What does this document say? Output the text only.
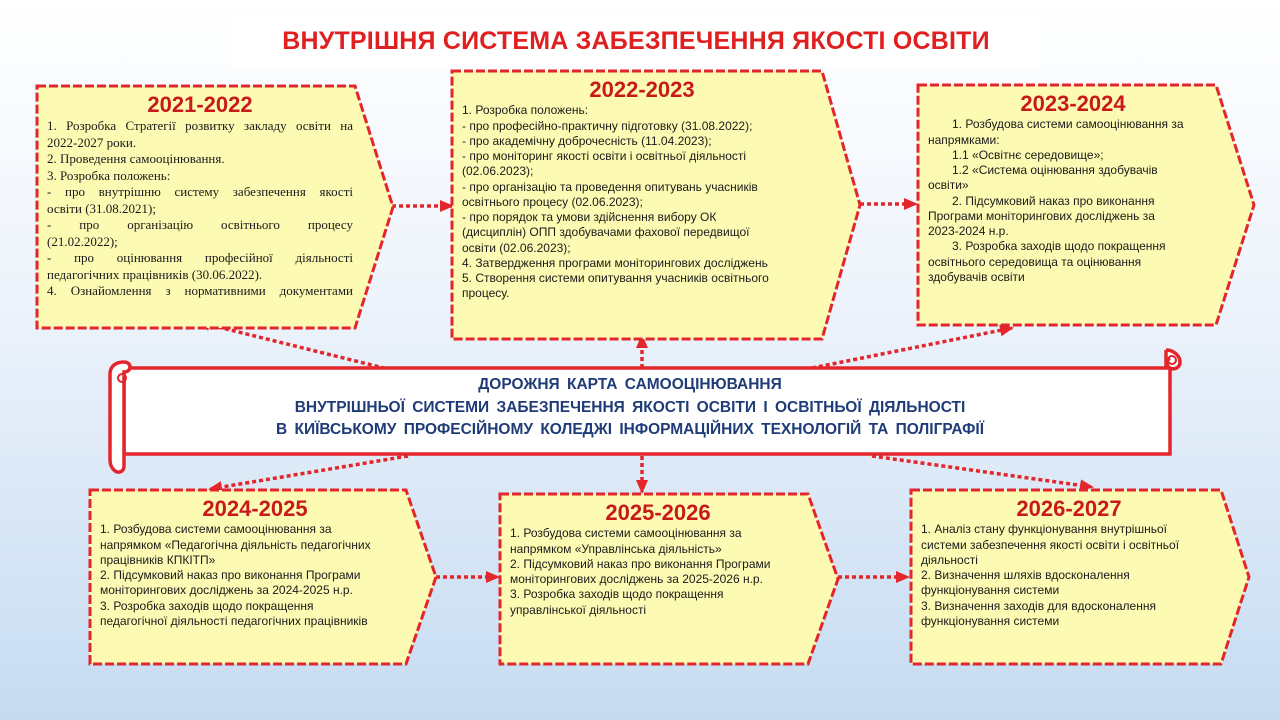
ВНУТРІШНЯ СИСТЕМА ЗАБЕЗПЕЧЕННЯ ЯКОСТІ ОСВІТИ
2021-2022
1. Розробка Стратегії розвитку закладу освіти на
2022-2027 роки.
2. Проведення самооцінювання.
3. Розробка положень:
- про внутрішню систему забезпечення якості
освіти (31.08.2021);
- про організацію освітнього процесу
(21.02.2022);
- про оцінювання професійної діяльності
педагогічних працівників (30.06.2022).
4. Ознайомлення з нормативними документами
2022-2023
1. Розробка положень:
- про професійно-практичну підготовку (31.08.2022);
- про академічну доброчесність (11.04.2023);
- про моніторинг якості освіти і освітньої діяльності
(02.06.2023);
- про організацію та проведення опитувань учасників
освітнього процесу (02.06.2023);
- про порядок та умови здійснення вибору ОК
(дисциплін) ОПП здобувачами фахової передвищої
освіти (02.06.2023);
4. Затвердження програми моніторингових досліджень
5. Створення системи опитування учасників освітнього
процесу.
2023-2024
1. Розбудова системи самооцінювання за
напрямками:
1.1 «Освітнє середовище»;
1.2 «Система оцінювання здобувачів
освіти»
2. Підсумковий наказ про виконання
Програми моніторингових досліджень за
2023-2024 н.р.
3. Розробка заходів щодо покращення
освітнього середовища та оцінювання
здобувачів освіти
ДОРОЖНЯ КАРТА САМООЦІНЮВАННЯ
ВНУТРІШНЬОЇ СИСТЕМИ ЗАБЕЗПЕЧЕННЯ ЯКОСТІ ОСВІТИ І ОСВІТНЬОЇ ДІЯЛЬНОСТІ
В КИЇВСЬКОМУ ПРОФЕСІЙНОМУ КОЛЕДЖІ ІНФОРМАЦІЙНИХ ТЕХНОЛОГІЙ ТА ПОЛІГРАФІЇ
2024-2025
1. Розбудова системи самооцінювання за
напрямком «Педагогічна діяльність педагогічних
працівників КПКІТП»
2. Підсумковий наказ про виконання Програми
моніторингових досліджень за 2024-2025 н.р.
3. Розробка заходів щодо покращення
педагогічної діяльності педагогічних працівників
2025-2026
1. Розбудова системи самооцінювання за
напрямком «Управлінська діяльність»
2. Підсумковий наказ про виконання Програми
моніторингових досліджень за 2025-2026 н.р.
3. Розробка заходів щодо покращення
управлінської діяльності
2026-2027
1. Аналіз стану функціонування внутрішньої
системи забезпечення якості освіти і освітньої
діяльності
2. Визначення шляхів вдосконалення
функціонування системи
3. Визначення заходів для вдосконалення
функціонування системи
